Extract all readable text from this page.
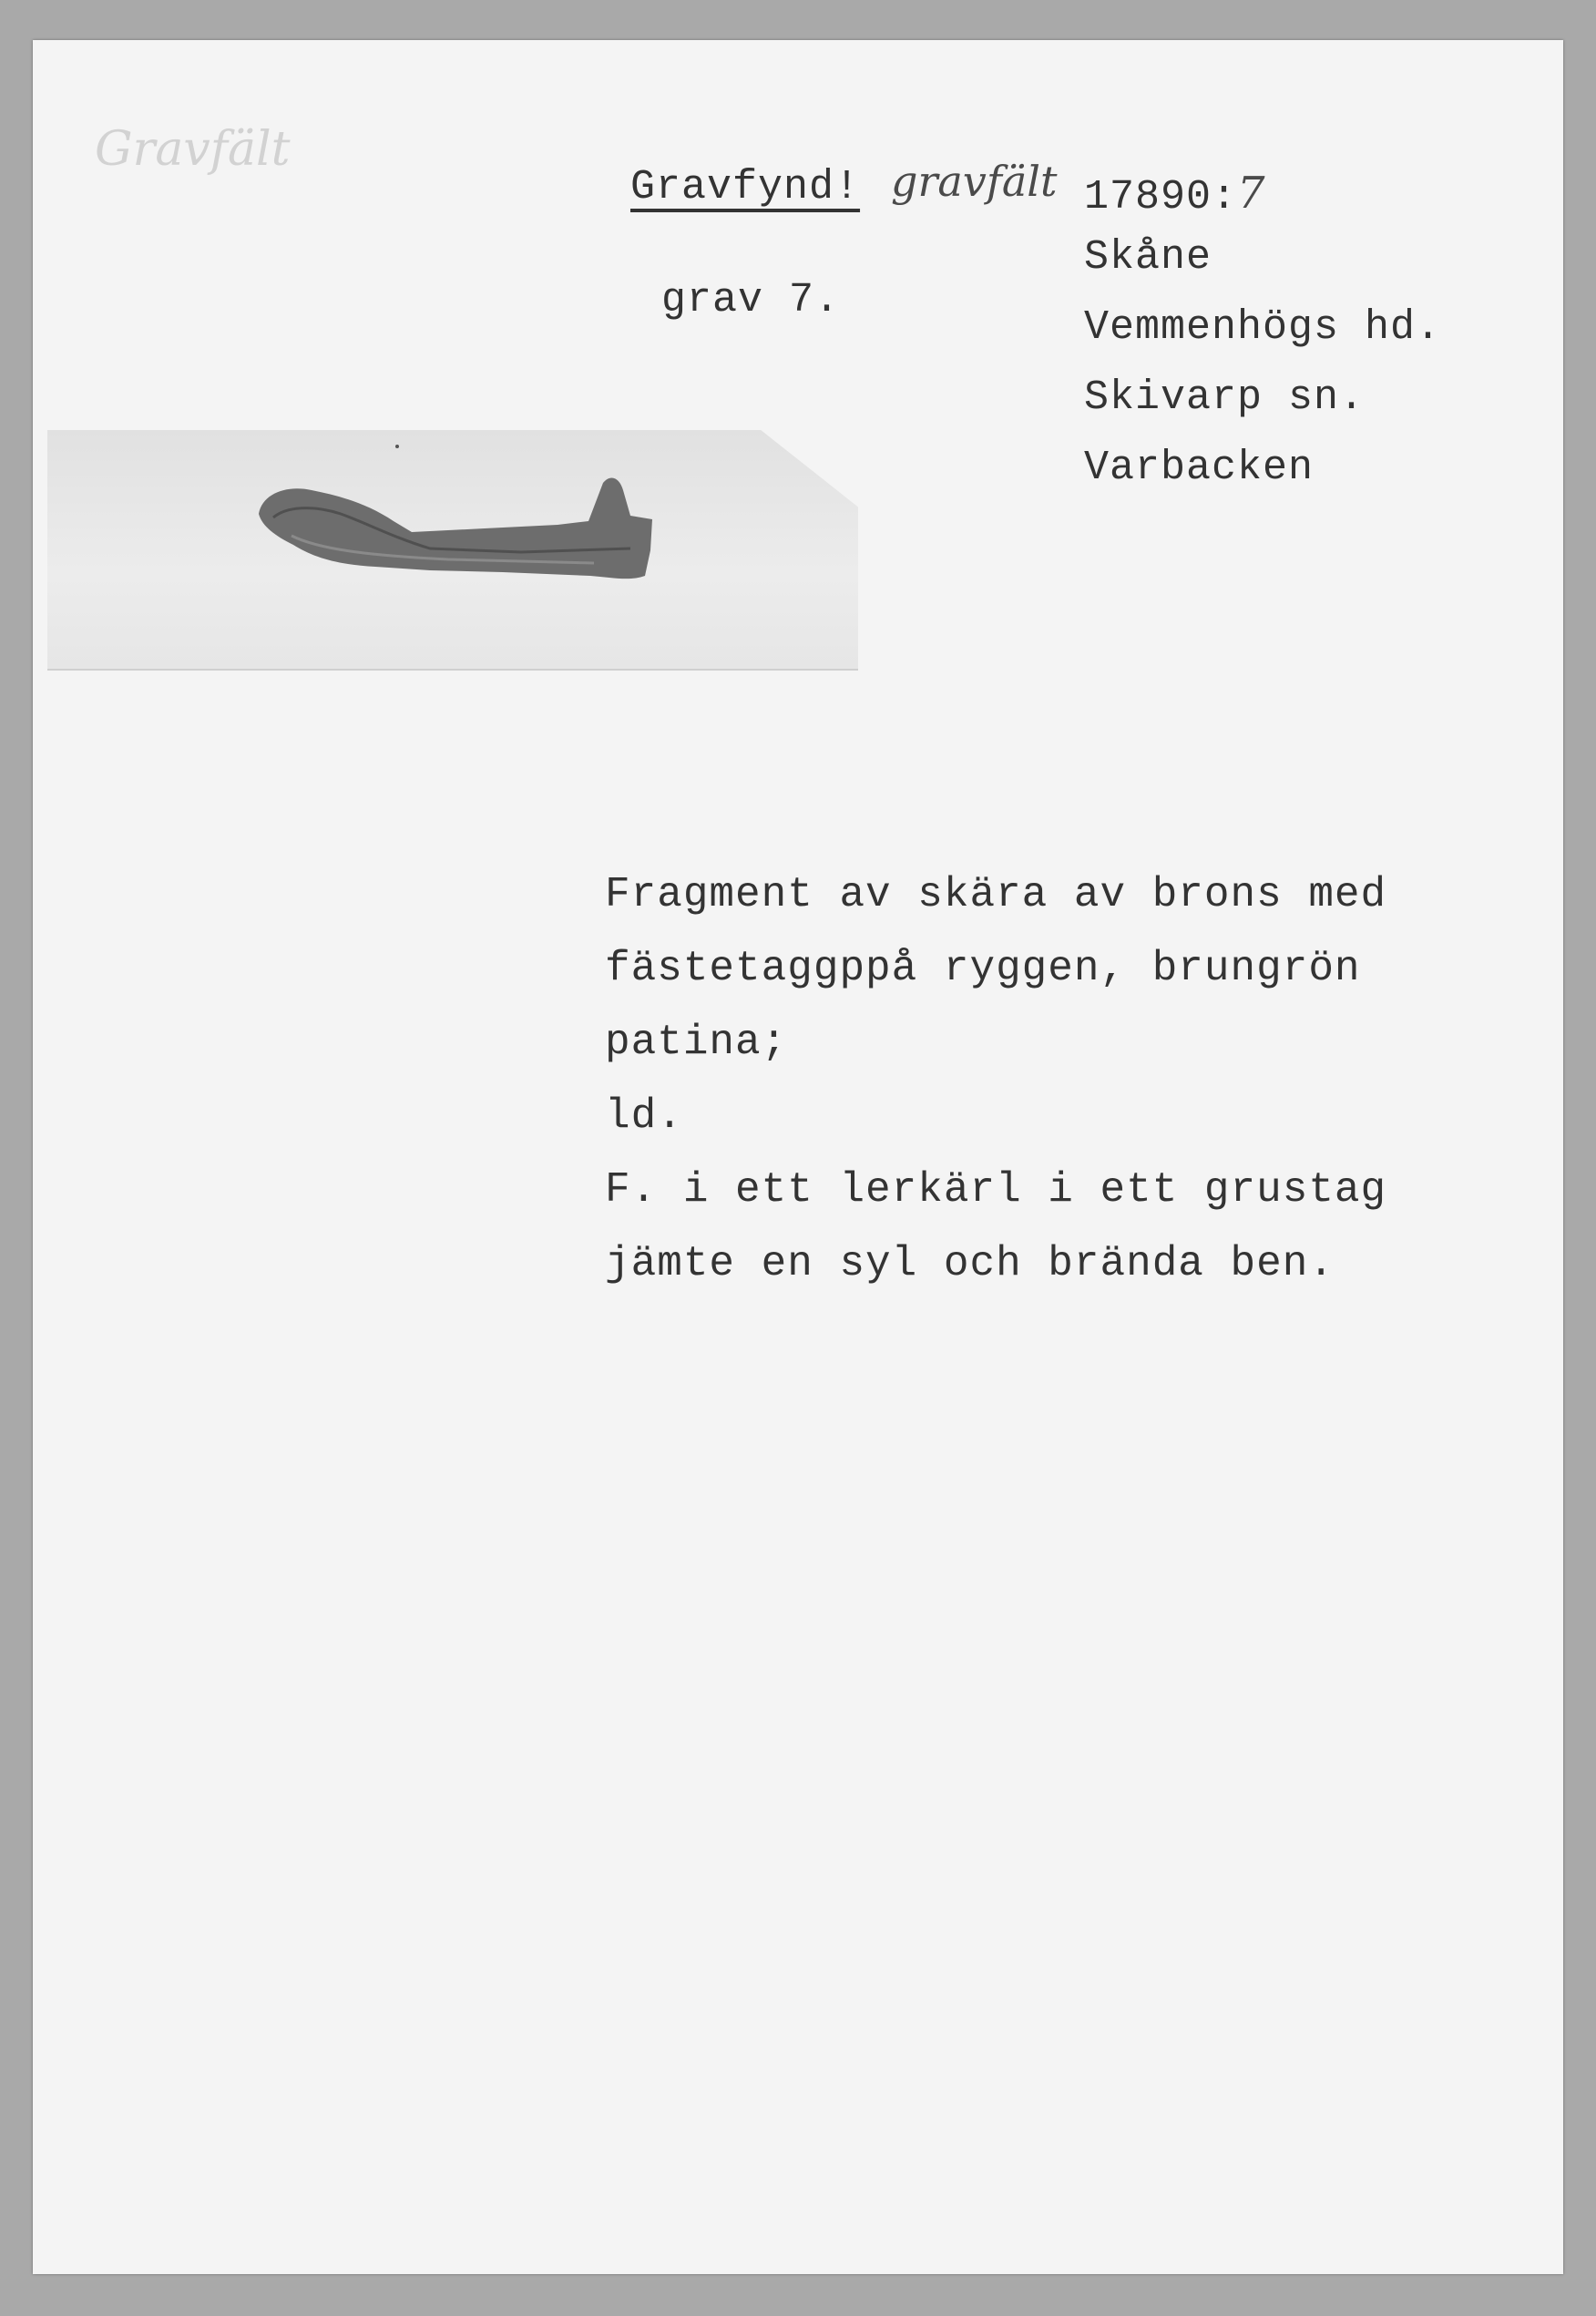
Gravfält
Gravfynd! gravfält
grav 7.
17890:7
Skåne
Vemmenhögs hd.
Skivarp sn.
Varbacken
Fragment av skära av brons med
fästetaggppå ryggen, brungrön
patina;
ld.
F. i ett lerkärl i ett grustag
jämte en syl och brända ben.
